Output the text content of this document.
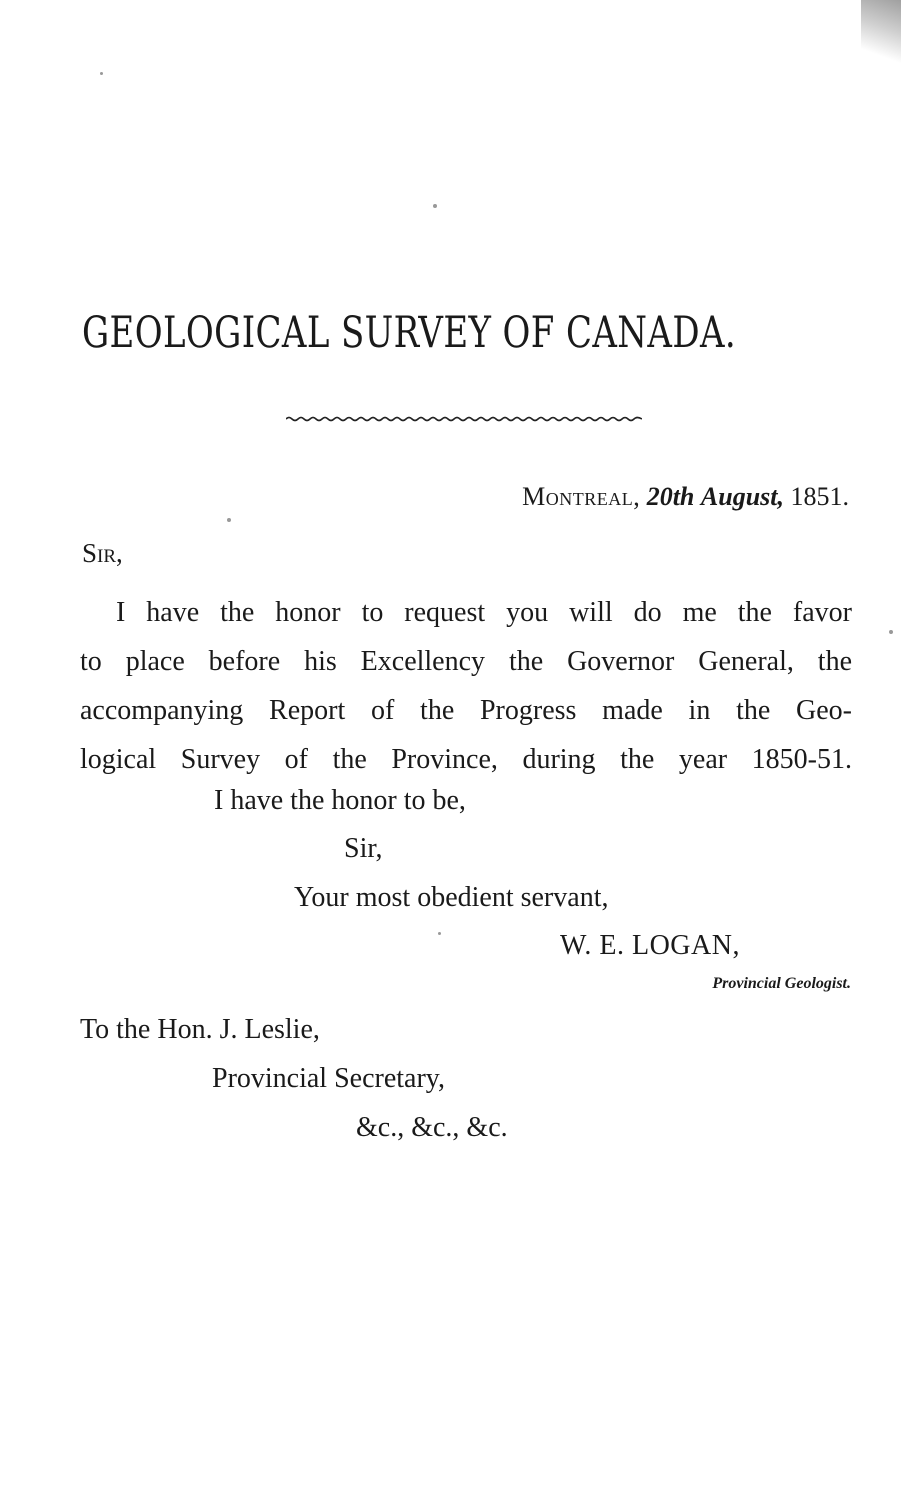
GEOLOGICAL SURVEY OF CANADA.
Montreal, 20th August, 1851.
Sir,
I have the honor to request you will do me the favor
to place before his Excellency the Governor General, the
accompanying Report of the Progress made in the Geo-
logical Survey of the Province, during the year 1850-51.
I have the honor to be,
Sir,
Your most obedient servant,
W. E. LOGAN,
Provincial Geologist.
To the Hon. J. Leslie,
Provincial Secretary,
&c., &c., &c.
